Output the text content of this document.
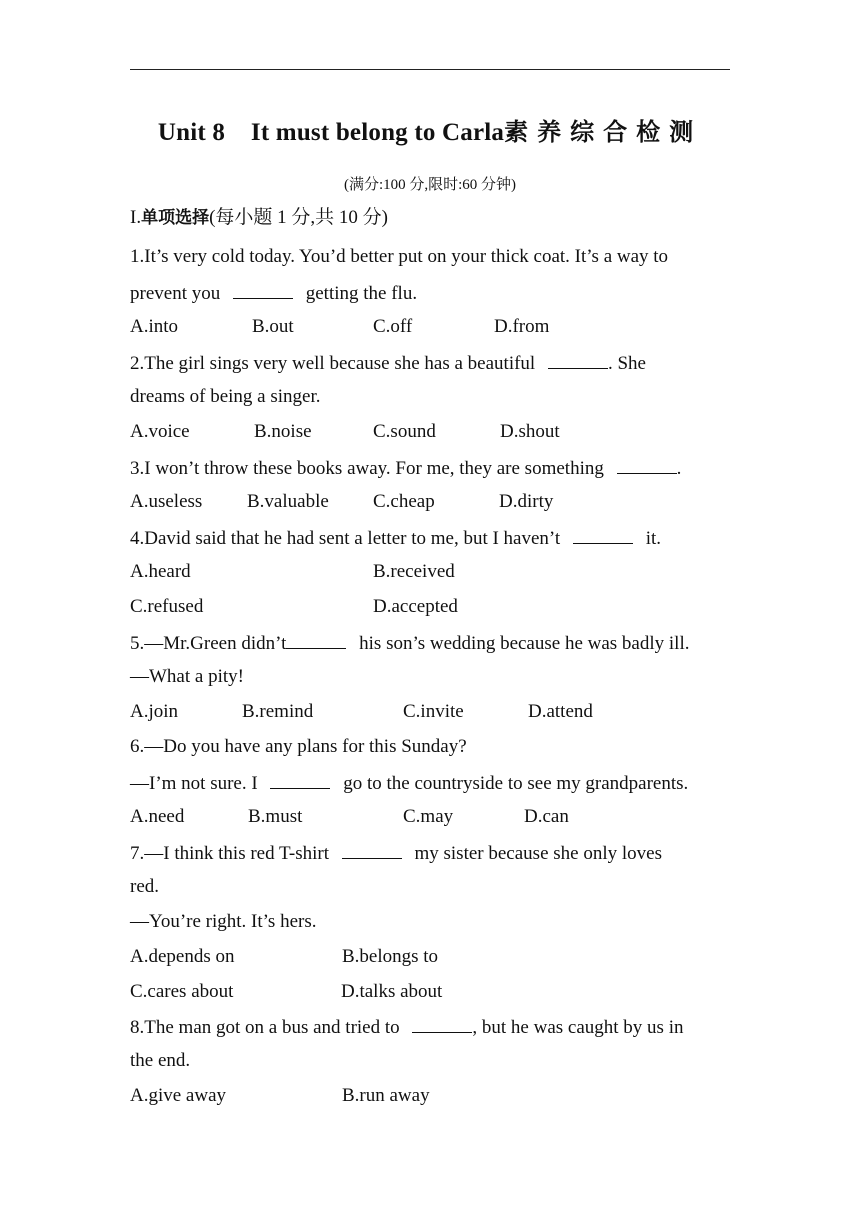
Unit 8    It must belong to Carla素养综合检测
(满分:100 分,限时:60 分钟)
I.单项选择(每小题 1 分,共 10 分)
1.It’s very cold today. You’d better put on your thick coat. It’s a way to
prevent you	getting the flu.
A.into	B.out	C.off	D.from
2.The girl sings very well because she has a beautiful	. She
dreams of being a singer.
A.voice	B.noise	C.sound	D.shout
3.I won’t throw these books away. For me, they are something	.
A.useless B.valuable C.cheap	D.dirty
4.David said that he had sent a letter to me, but I haven’t	it.
A.heard	B.received
C.refused	D.accepted
5.—Mr.Green didn’t	his son’s wedding because he was badly ill.
—What a pity!
A.join	B.remind	C.invite	D.attend
6.—Do you have any plans for this Sunday?
—I’m not sure. I	go to the countryside to see my grandparents.
A.need	B.must	C.may	D.can
7.—I think this red T-shirt	my sister because she only loves
red.
—You’re right. It’s hers.
A.depends on	B.belongs to
C.cares about	D.talks about
8.The man got on a bus and tried to	, but he was caught by us in
the end.
A.give away	B.run away
